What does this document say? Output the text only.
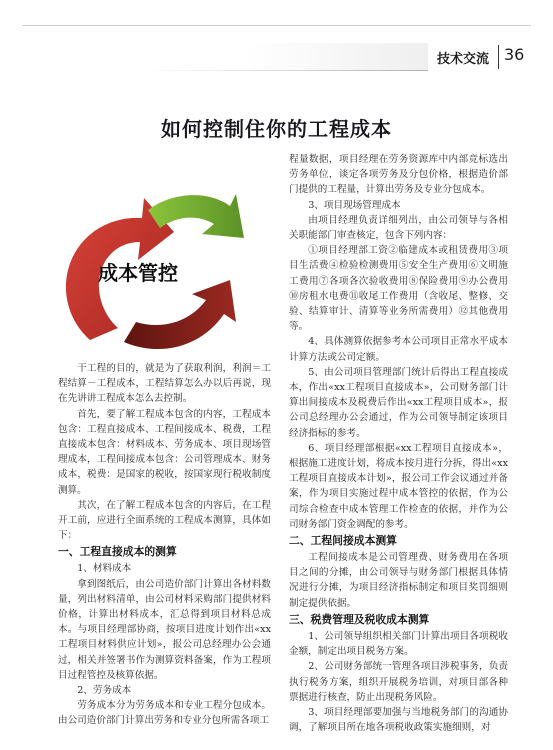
技术交流 36
如何控制住你的工程成本
成本管控

干工程的目的，就是为了获取利润，利润＝工程结算－工程成本，工程结算怎么办以后再说，现在先讲讲工程成本怎么去控制。

首先，要了解工程成本包含的内容，工程成本包含：工程直接成本、工程间接成本、税费，工程直接成本包含：材料成本、劳务成本、项目现场管理成本，工程间接成本包含：公司管理成本、财务成本，税费：是国家的税收，按国家现行税收制度测算。

其次，在了解工程成本包含的内容后，在工程开工前，应进行全面系统的工程成本测算，具体如下：

一、工程直接成本的测算
1、材料成本

拿到图纸后，由公司造价部门计算出各材料数量，列出材料清单，由公司材料采购部门提供材料价格，计算出材料成本，汇总得到项目材料总成本。与项目经理部协商，按项目进度计划作出«xx工程项目材料供应计划»，报公司总经理办公会通过，相关并签署书作为测算资料备案，作为工程项目过程管控及核算依据。

2、劳务成本

劳务成本分为劳务成本和专业工程分包成本。由公司造价部门计算出劳务和专业分包所需各项工

程量数据，项目经理在劳务资源库中内部竞标选出劳务单位，谈定各项劳务及分包价格，根据造价部门提供的工程量，计算出劳务及专业分包成本。

3、项目现场管理成本

由项目经理负责详细列出，由公司领导与各相关职能部门审查核定，包含下列内容：

①项目经理部工资②临建成本或租赁费用③项目生活费④检验检测费用⑤安全生产费用⑥文明施工费用⑦各项各次验收费用⑧保险费用⑨办公费用⑩房租水电费⑪收尾工作费用（含收尾、整修、交验、结算审计、清算等业务所需费用）⑫其他费用等。

4、具体测算依据参考本公司项目正常水平成本计算方法或公司定额。

5、由公司项目管理部门统计后得出工程直接成本，作出«xx工程项目直接成本»，公司财务部门计算出间接成本及税费后作出«xx工程项目成本»，报公司总经理办公会通过，作为公司领导制定该项目经济指标的参考。

6、项目经理部根据«xx工程项目直接成本»，根据施工进度计划，将成本按月进行分拆，得出«xx工程项目直接成本计划»，报公司工作会议通过并备案，作为项目实施过程中成本管控的依据，作为公司综合检查中成本管理工作检查的依据，并作为公司财务部门资金调配的参考。

二、工程间接成本测算

工程间接成本是公司管理费、财务费用在各项目之间的分摊，由公司领导与财务部门根据具体情况进行分摊，为项目经济指标制定和项目奖罚细则制定提供依据。

三、税费管理及税收成本测算

1、公司领导组织相关部门计算出项目各项税收金额，制定出项目税务方案。

2、公司财务部统一管理各项目涉税事务，负责执行税务方案，组织开展税务培训，对项目部各种票据进行核查，防止出现税务风险。

3、项目经理部要加强与当地税务部门的沟通协调，了解项目所在地各项税收政策实施细则，对
